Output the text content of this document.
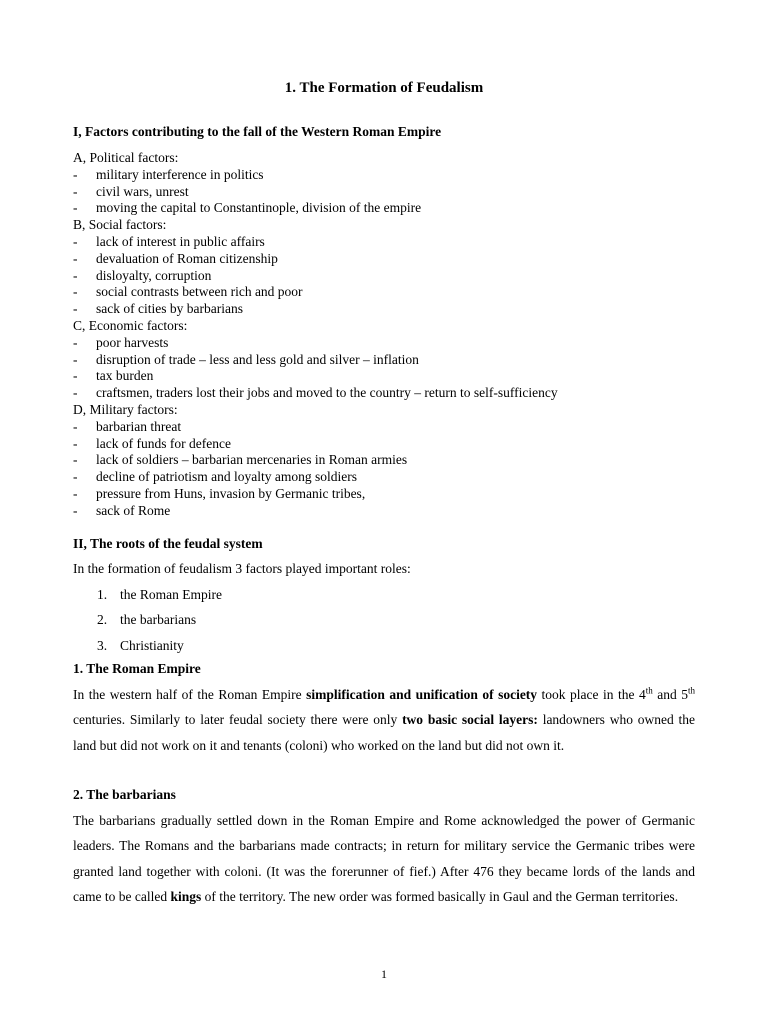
1. The Formation of Feudalism
I, Factors contributing to the fall of the Western Roman Empire
A, Political factors:
- military interference in politics
- civil wars, unrest
- moving the capital to Constantinople, division of the empire
B, Social factors:
- lack of interest in public affairs
- devaluation of Roman citizenship
- disloyalty, corruption
- social contrasts between rich and poor
- sack of cities by barbarians
C, Economic factors:
- poor harvests
- disruption of trade – less and less gold and silver – inflation
- tax burden
- craftsmen, traders lost their jobs and moved to the country – return to self-sufficiency
D, Military factors:
- barbarian threat
- lack of funds for defence
- lack of soldiers – barbarian mercenaries in Roman armies
- decline of patriotism and loyalty among soldiers
- pressure from Huns, invasion by Germanic tribes,
- sack of Rome
II, The roots of the feudal system
In the formation of feudalism 3 factors played important roles:
1. the Roman Empire
2. the barbarians
3. Christianity
1. The Roman Empire
In the western half of the Roman Empire simplification and unification of society took place in the 4th and 5th centuries. Similarly to later feudal society there were only two basic social layers: landowners who owned the land but did not work on it and tenants (coloni) who worked on the land but did not own it.
2. The barbarians
The barbarians gradually settled down in the Roman Empire and Rome acknowledged the power of Germanic leaders. The Romans and the barbarians made contracts; in return for military service the Germanic tribes were granted land together with coloni. (It was the forerunner of fief.) After 476 they became lords of the lands and came to be called kings of the territory. The new order was formed basically in Gaul and the German territories.
1
